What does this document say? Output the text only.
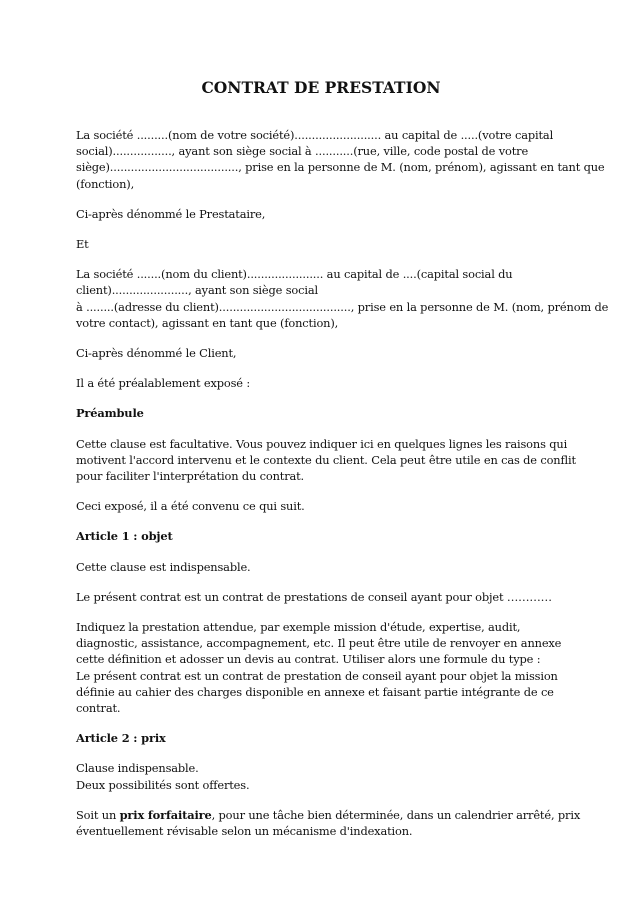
CONTRAT DE PRESTATION

La société .........(nom de votre société)......................... au capital de .....(votre capital
social)................., ayant son siège social à ...........(rue, ville, code postal de votre
siège)....................................., prise en la personne de M. (nom, prénom), agissant en tant que
(fonction),

Ci-après dénommé le Prestataire,

Et

La société .......(nom du client)...................... au capital de ....(capital social du
client)......................, ayant son siège social
à ........(adresse du client)......................................, prise en la personne de M. (nom, prénom de
votre contact), agissant en tant que (fonction),

Ci-après dénommé le Client,

Il a été préalablement exposé :

Préambule

Cette clause est facultative. Vous pouvez indiquer ici en quelques lignes les raisons qui
motivent l'accord intervenu et le contexte du client. Cela peut être utile en cas de conflit
pour faciliter l'interprétation du contrat.

Ceci exposé, il a été convenu ce qui suit.

Article 1 : objet

Cette clause est indispensable.

Le présent contrat est un contrat de prestations de conseil ayant pour objet …………

Indiquez la prestation attendue, par exemple mission d'étude, expertise, audit,
diagnostic, assistance, accompagnement, etc. Il peut être utile de renvoyer en annexe
cette définition et adosser un devis au contrat. Utiliser alors une formule du type :
Le présent contrat est un contrat de prestation de conseil ayant pour objet la mission
définie au cahier des charges disponible en annexe et faisant partie intégrante de ce
contrat.

Article 2 : prix

Clause indispensable.
Deux possibilités sont offertes.

Soit un prix forfaitaire, pour une tâche bien déterminée, dans un calendrier arrêté, prix
éventuellement révisable selon un mécanisme d'indexation.
